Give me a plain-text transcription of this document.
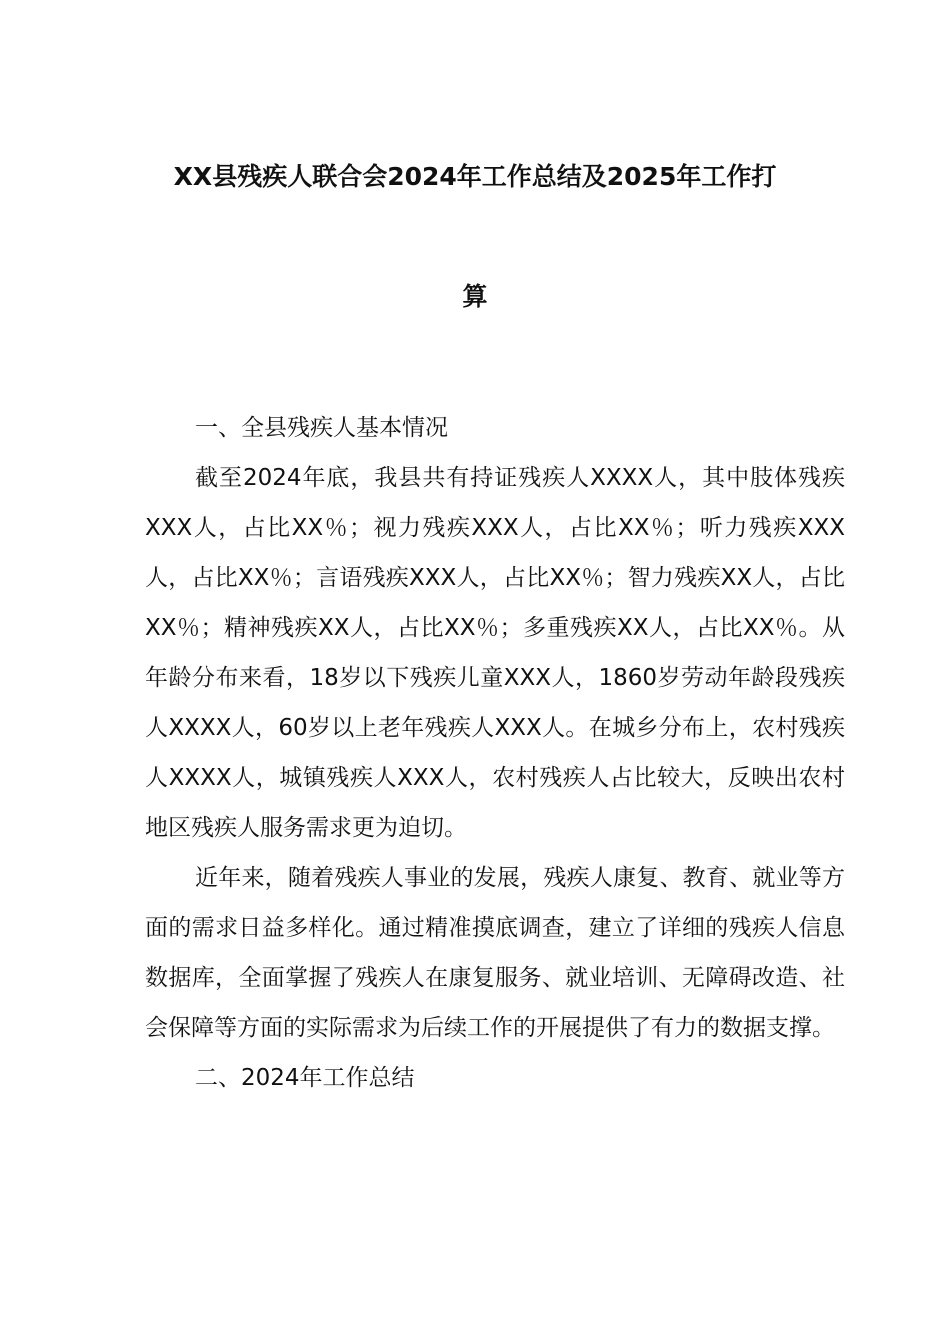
XX县残疾人联合会2024年工作总结及2025年工作打
算

一、全县残疾人基本情况

截至2024年底，我县共有持证残疾人XXXX人，其中肢体残疾XXX人，占比XX％；视力残疾XXX人，占比XX％；听力残疾XXX人，占比XX％；言语残疾XXX人，占比XX％；智力残疾XX人，占比XX％；精神残疾XX人，占比XX％；多重残疾XX人，占比XX％。从年龄分布来看，18岁以下残疾儿童XXX人，1860岁劳动年龄段残疾人XXXX人，60岁以上老年残疾人XXX人。在城乡分布上，农村残疾人XXXX人，城镇残疾人XXX人，农村残疾人占比较大，反映出农村地区残疾人服务需求更为迫切。

近年来，随着残疾人事业的发展，残疾人康复、教育、就业等方面的需求日益多样化。通过精准摸底调查，建立了详细的残疾人信息数据库，全面掌握了残疾人在康复服务、就业培训、无障碍改造、社会保障等方面的实际需求为后续工作的开展提供了有力的数据支撑。

二、2024年工作总结
